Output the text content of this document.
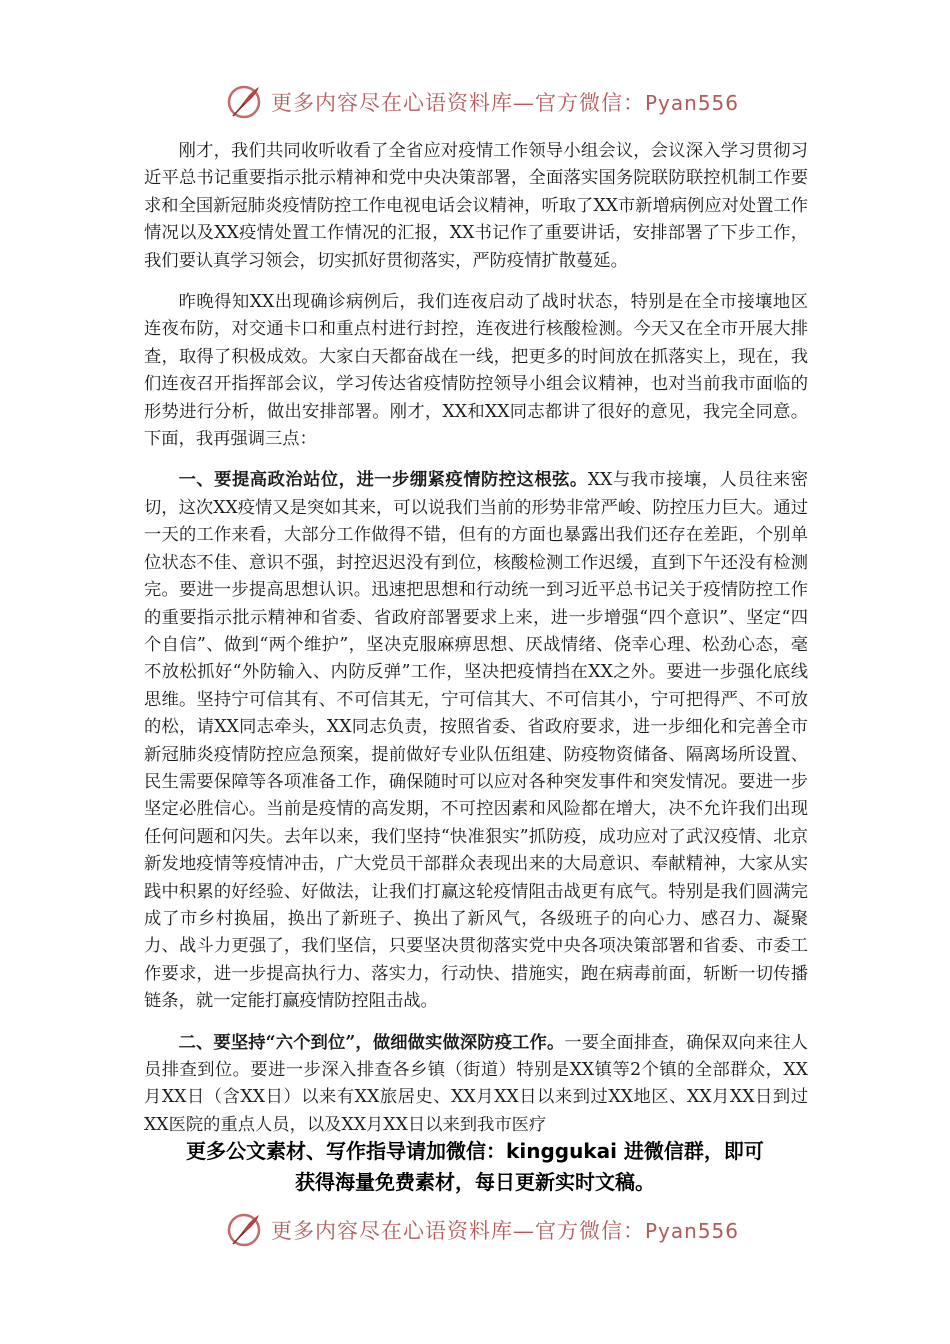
更多内容尽在心语资料库—官方微信：Pyan556

刚才，我们共同收听收看了全省应对疫情工作领导小组会议，会议深入学习贯彻习近平总书记重要指示批示精神和党中央决策部署，全面落实国务院联防联控机制工作要求和全国新冠肺炎疫情防控工作电视电话会议精神，听取了XX市新增病例应对处置工作情况以及XX疫情处置工作情况的汇报，XX书记作了重要讲话，安排部署了下步工作，我们要认真学习领会，切实抓好贯彻落实，严防疫情扩散蔓延。

昨晚得知XX出现确诊病例后，我们连夜启动了战时状态，特别是在全市接壤地区连夜布防，对交通卡口和重点村进行封控，连夜进行核酸检测。今天又在全市开展大排查，取得了积极成效。大家白天都奋战在一线，把更多的时间放在抓落实上，现在，我们连夜召开指挥部会议，学习传达省疫情防控领导小组会议精神，也对当前我市面临的形势进行分析，做出安排部署。刚才，XX和XX同志都讲了很好的意见，我完全同意。下面，我再强调三点：

一、要提高政治站位，进一步绷紧疫情防控这根弦。XX与我市接壤，人员往来密切，这次XX疫情又是突如其来，可以说我们当前的形势非常严峻、防控压力巨大。通过一天的工作来看，大部分工作做得不错，但有的方面也暴露出我们还存在差距，个别单位状态不佳、意识不强，封控迟迟没有到位，核酸检测工作迟缓，直到下午还没有检测完。要进一步提高思想认识。迅速把思想和行动统一到习近平总书记关于疫情防控工作的重要指示批示精神和省委、省政府部署要求上来，进一步增强“四个意识”、坚定“四个自信”、做到“两个维护”，坚决克服麻痹思想、厌战情绪、侥幸心理、松劲心态，毫不放松抓好“外防输入、内防反弹”工作，坚决把疫情挡在XX之外。要进一步强化底线思维。坚持宁可信其有、不可信其无，宁可信其大、不可信其小，宁可把得严、不可放的松，请XX同志牵头，XX同志负责，按照省委、省政府要求，进一步细化和完善全市新冠肺炎疫情防控应急预案，提前做好专业队伍组建、防疫物资储备、隔离场所设置、民生需要保障等各项准备工作，确保随时可以应对各种突发事件和突发情况。要进一步坚定必胜信心。当前是疫情的高发期，不可控因素和风险都在增大，决不允许我们出现任何问题和闪失。去年以来，我们坚持“快准狠实”抓防疫，成功应对了武汉疫情、北京新发地疫情等疫情冲击，广大党员干部群众表现出来的大局意识、奉献精神，大家从实践中积累的好经验、好做法，让我们打赢这轮疫情阻击战更有底气。特别是我们圆满完成了市乡村换届，换出了新班子、换出了新风气，各级班子的向心力、感召力、凝聚力、战斗力更强了，我们坚信，只要坚决贯彻落实党中央各项决策部署和省委、市委工作要求，进一步提高执行力、落实力，行动快、措施实，跑在病毒前面，斩断一切传播链条，就一定能打赢疫情防控阻击战。

二、要坚持“六个到位”，做细做实做深防疫工作。一要全面排查，确保双向来往人员排查到位。要进一步深入排查各乡镇（街道）特别是XX镇等2个镇的全部群众，XX月XX日（含XX日）以来有XX旅居史、XX月XX日以来到过XX地区、XX月XX日到过XX医院的重点人员，以及XX月XX日以来到我市医疗

更多公文素材、写作指导请加微信：kinggukai 进微信群，即可
获得海量免费素材，每日更新实时文稿。
更多内容尽在心语资料库—官方微信：Pyan556
